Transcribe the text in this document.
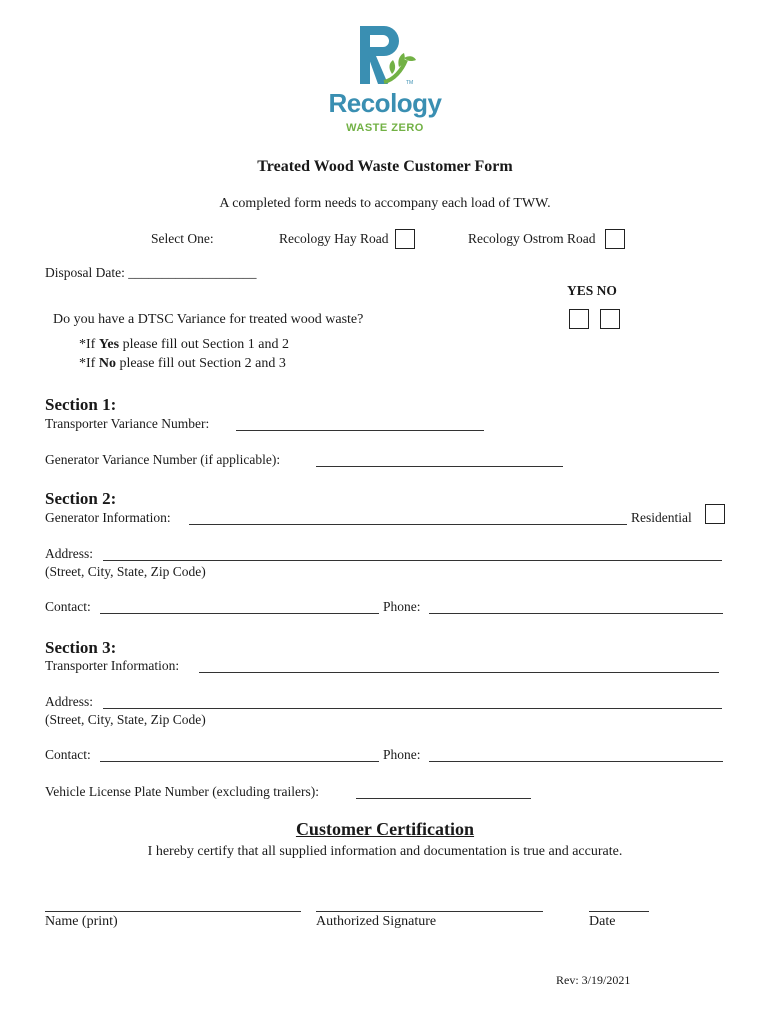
TM
Recology
WASTE ZERO
Treated Wood Waste Customer Form
A completed form needs to accompany each load of TWW.
Select One:	Recology Hay Road	Recology Ostrom Road
Disposal Date: ___________________
YES NO
Do you have a DTSC Variance for treated wood waste?
*If Yes please fill out Section 1 and 2
*If No please fill out Section 2 and 3
Section 1:
Transporter Variance Number:
Generator Variance Number (if applicable):
Section 2:
Generator Information:	Residential
Address:
(Street, City, State, Zip Code)
Contact:	Phone:
Section 3:
Transporter Information:
Address:
(Street, City, State, Zip Code)
Contact:	Phone:
Vehicle License Plate Number (excluding trailers):
Customer Certification
I hereby certify that all supplied information and documentation is true and accurate.
Name (print)	Authorized Signature	Date
Rev: 3/19/2021
